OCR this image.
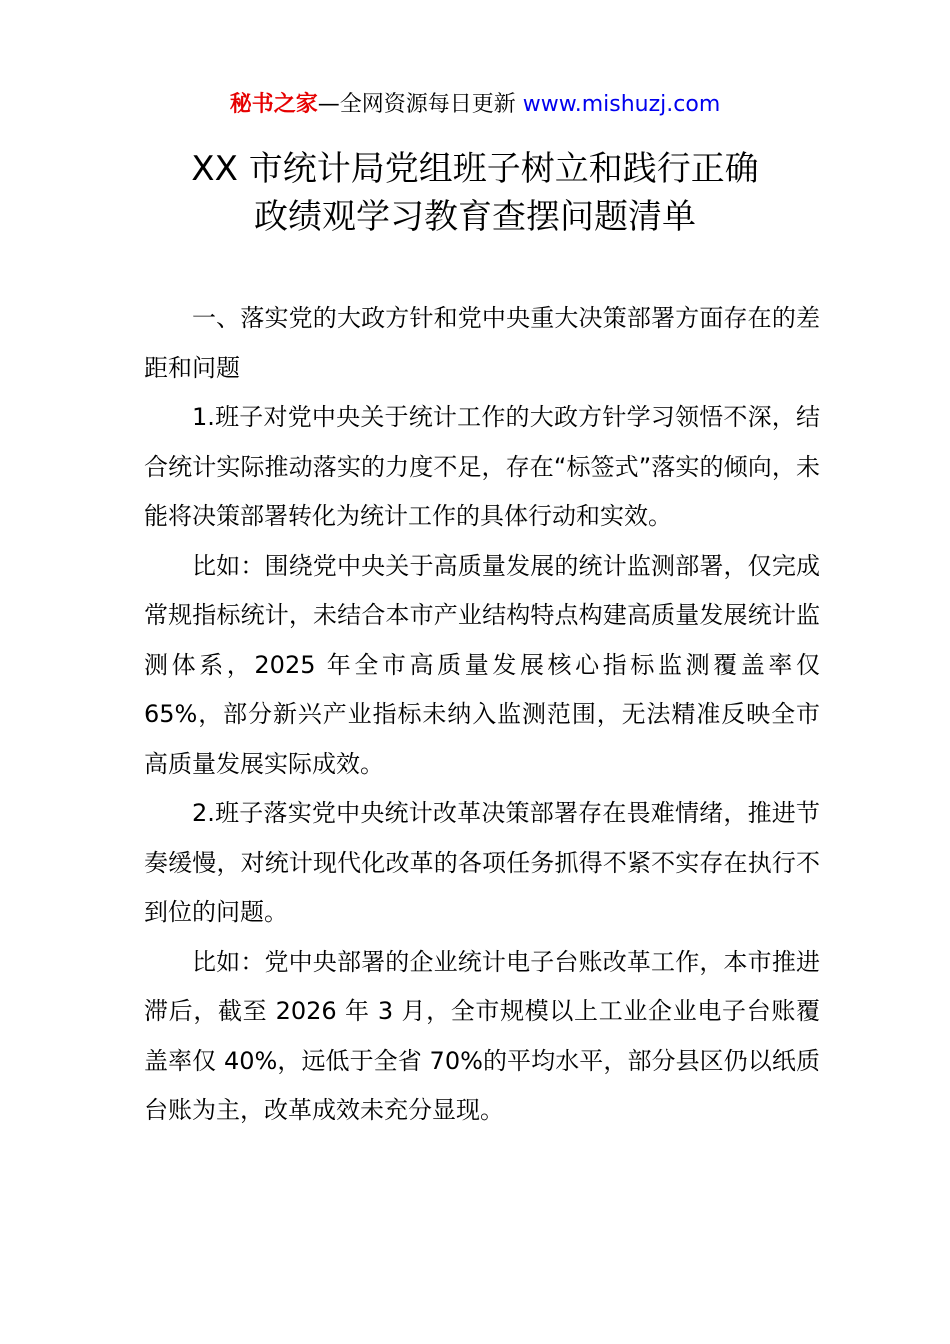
秘书之家—全网资源每日更新 www.mishuzj.com
XX 市统计局党组班子树立和践行正确
政绩观学习教育查摆问题清单

一、落实党的大政方针和党中央重大决策部署方面存在的差距和问题

1.班子对党中央关于统计工作的大政方针学习领悟不深，结合统计实际推动落实的力度不足，存在“标签式”落实的倾向，未能将决策部署转化为统计工作的具体行动和实效。

比如：围绕党中央关于高质量发展的统计监测部署，仅完成常规指标统计，未结合本市产业结构特点构建高质量发展统计监测体系，2025 年全市高质量发展核心指标监测覆盖率仅 65%，部分新兴产业指标未纳入监测范围，无法精准反映全市高质量发展实际成效。

2.班子落实党中央统计改革决策部署存在畏难情绪，推进节奏缓慢，对统计现代化改革的各项任务抓得不紧不实存在执行不到位的问题。

比如：党中央部署的企业统计电子台账改革工作，本市推进滞后，截至 2026 年 3 月，全市规模以上工业企业电子台账覆盖率仅 40%，远低于全省 70%的平均水平，部分县区仍以纸质台账为主，改革成效未充分显现。
